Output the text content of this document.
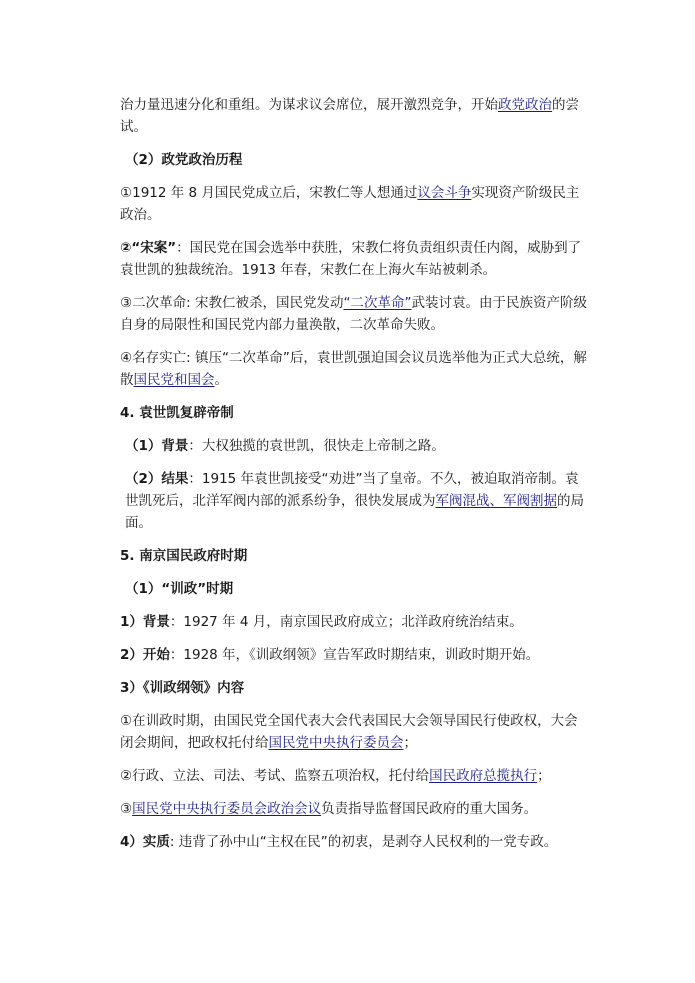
治力量迅速分化和重组。为谋求议会席位，展开激烈竞争，开始政党政治的尝试。

（2）政党政治历程

①1912 年 8 月国民党成立后，宋教仁等人想通过议会斗争实现资产阶级民主政治。

②“宋案”：国民党在国会选举中获胜，宋教仁将负责组织责任内阁，威胁到了袁世凯的独裁统治。1913 年春，宋教仁在上海火车站被刺杀。

③二次革命: 宋教仁被杀，国民党发动“二次革命”武装讨袁。由于民族资产阶级自身的局限性和国民党内部力量涣散，二次革命失败。

④名存实亡: 镇压“二次革命”后，袁世凯强迫国会议员选举他为正式大总统，解散国民党和国会。

4. 袁世凯复辟帝制

（1）背景：大权独揽的袁世凯，很快走上帝制之路。

（2）结果：1915 年袁世凯接受“劝进”当了皇帝。不久，被迫取消帝制。袁世凯死后，北洋军阀内部的派系纷争，很快发展成为军阀混战、军阀割据的局面。

5. 南京国民政府时期

（1）“训政”时期

1）背景：1927 年 4 月，南京国民政府成立；北洋政府统治结束。

2）开始：1928 年，《训政纲领》宣告军政时期结束，训政时期开始。

3）《训政纲领》内容

①在训政时期，由国民党全国代表大会代表国民大会领导国民行使政权，大会闭会期间，把政权托付给国民党中央执行委员会；

②行政、立法、司法、考试、监察五项治权，托付给国民政府总揽执行；

③国民党中央执行委员会政治会议负责指导监督国民政府的重大国务。

4）实质: 违背了孙中山“主权在民”的初衷，是剥夺人民权利的一党专政。
